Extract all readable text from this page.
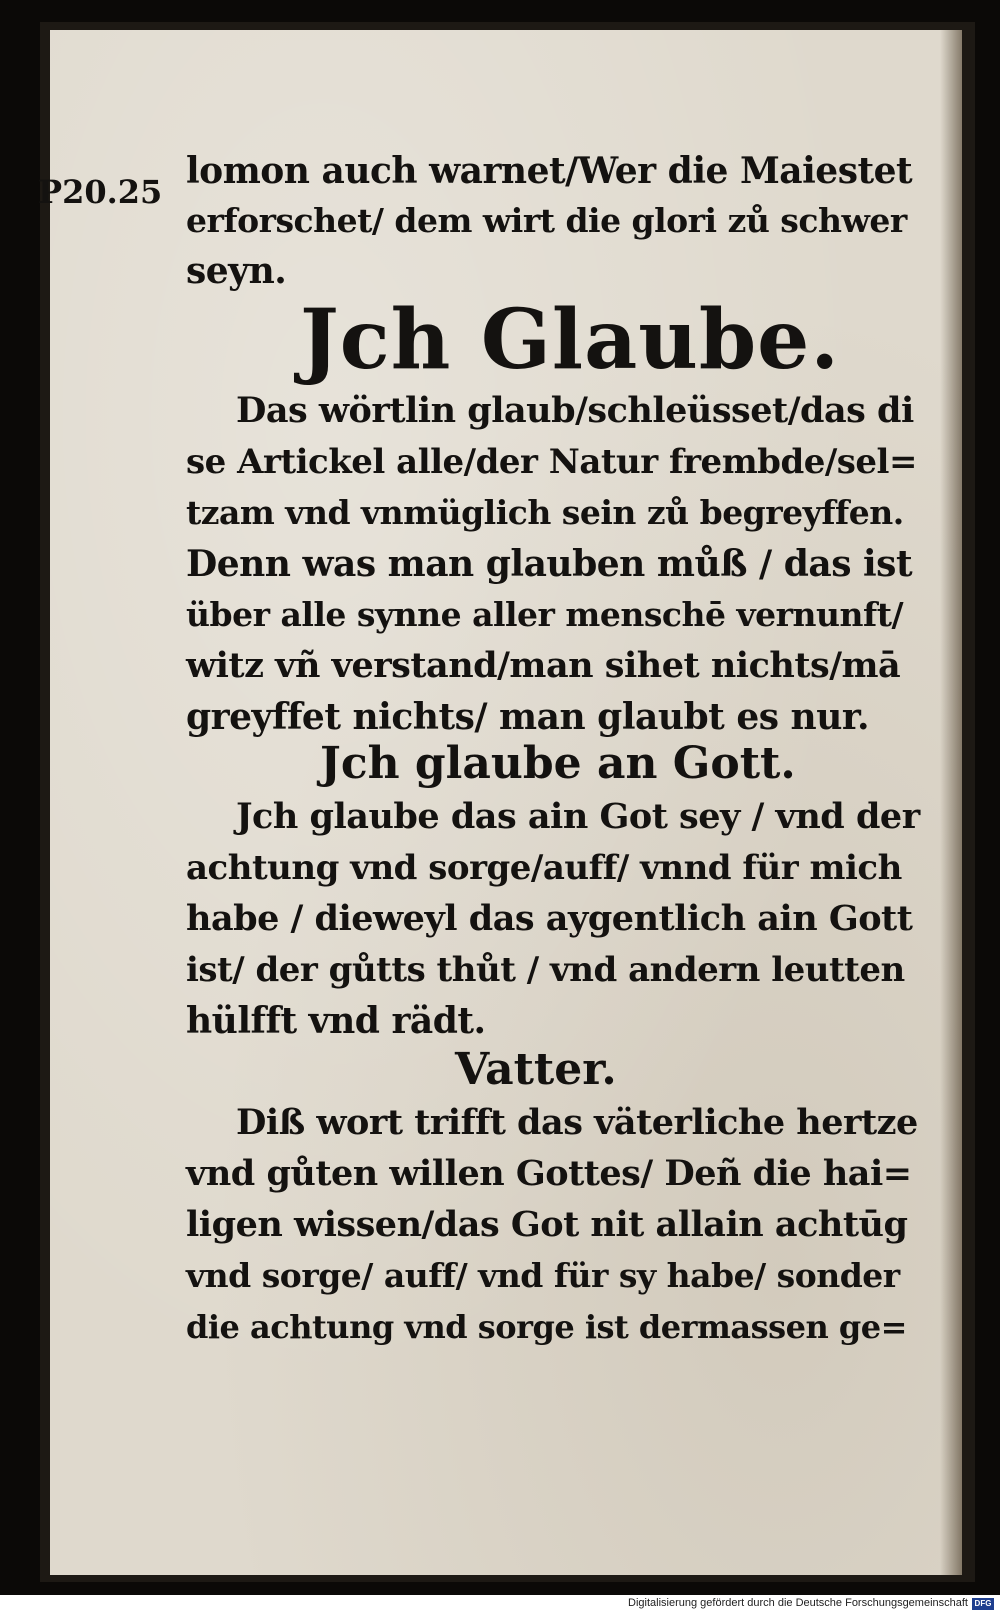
P20.25 lomon auch warnet/Wer die Maiestet
erforschet/ dem wirt die glori zů schwer
seyn.
Jch Glaube.
Das wörtlin glaub/schleüsset/das di
se Artickel alle/der Natur frembde/sel=
tzam vnd vnmüglich sein zů begreyffen.
Denn was man glauben můß / das ist
über alle synne aller menschē vernunft/
witz vñ verstand/man sihet nichts/mā
greyffet nichts/ man glaubt es nur.
Jch glaube an Gott.
Jch glaube das ain Got sey / vnd der
achtung vnd sorge/auff/ vnnd für mich
habe / dieweyl das aygentlich ain Gott
ist/ der gůtts thůt / vnd andern leutten
hülfft vnd rädt.
Vatter.
Diß wort trifft das väterliche hertze
vnd gůten willen Gottes/ Deñ die hai=
ligen wissen/das Got nit allain achtūg
vnd sorge/ auff/ vnd für sy habe/ sonder
die achtung vnd sorge ist dermassen ge=
Digitalisierung gefördert durch die Deutsche Forschungsgemeinschaft DFG
